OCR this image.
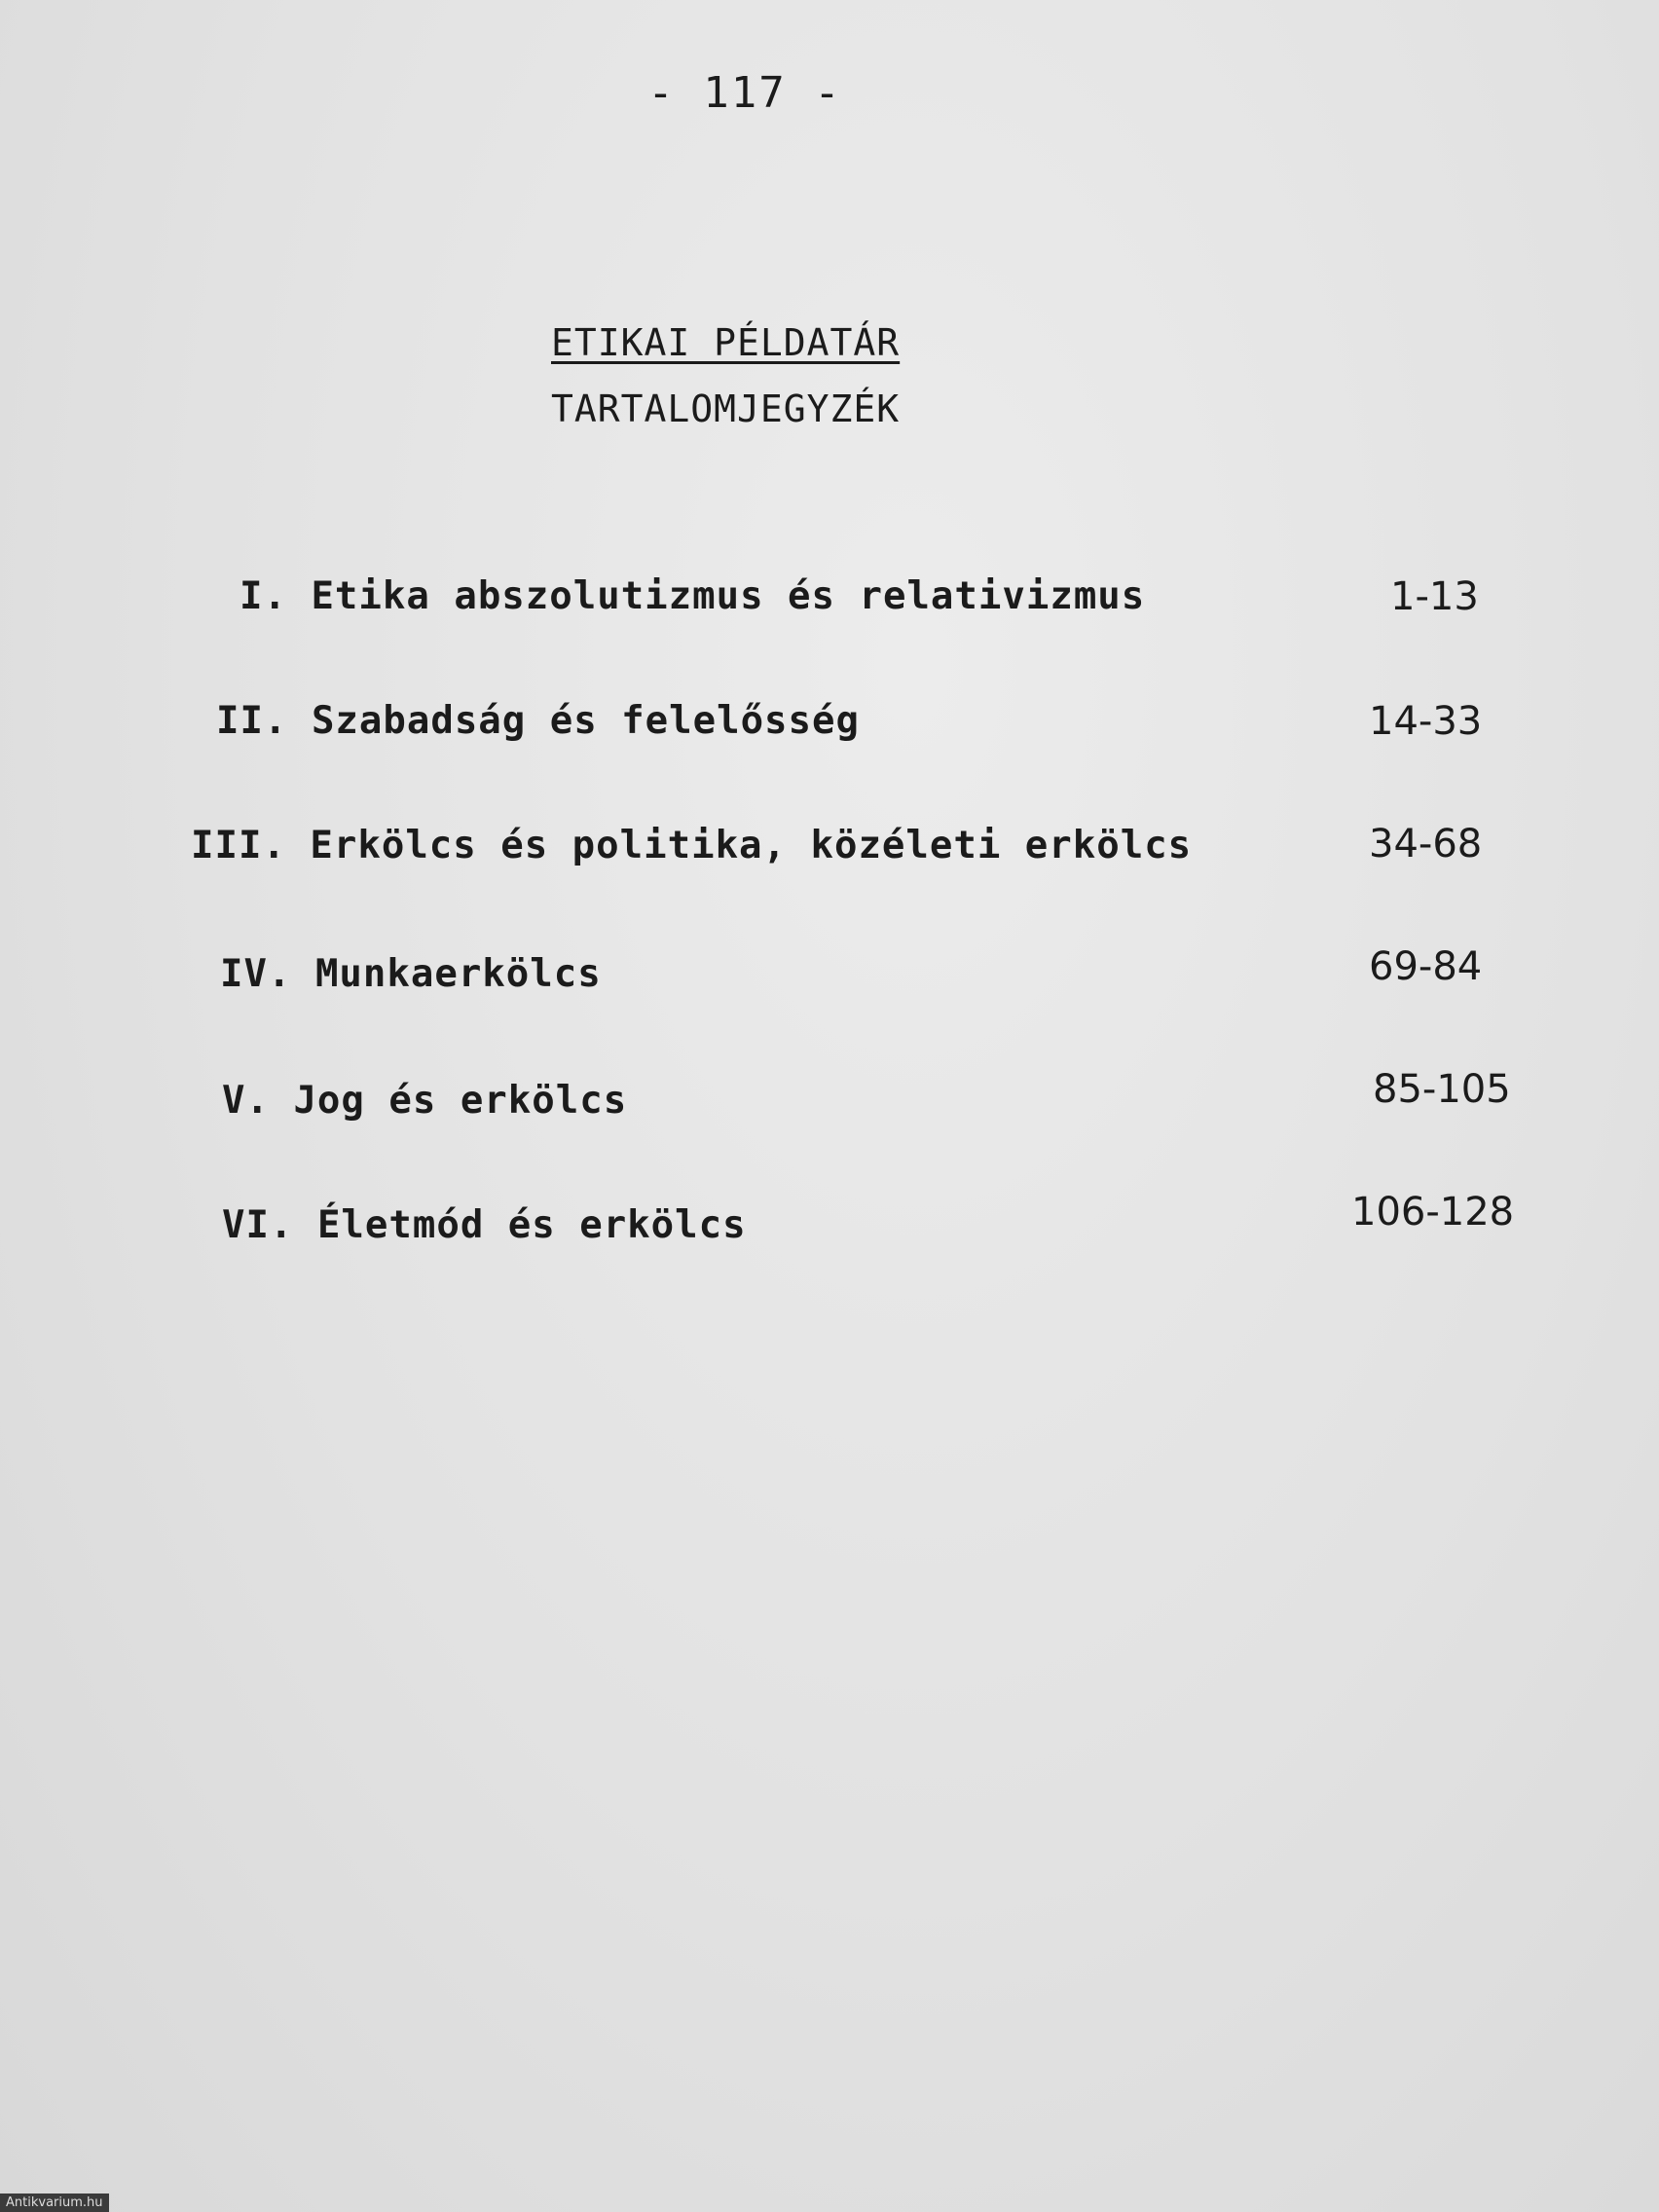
- 117 -
ETIKAI PÉLDATÁR
TARTALOMJEGYZÉK
I. Etika abszolutizmus és relativizmus	1-13
II. Szabadság és felelősség	14-33
III. Erkölcs és politika, közéleti erkölcs	34-68
IV. Munkaerkölcs	69-84
V. Jog és erkölcs	85-105
VI. Életmód és erkölcs	106-128
Antikvarium.hu
